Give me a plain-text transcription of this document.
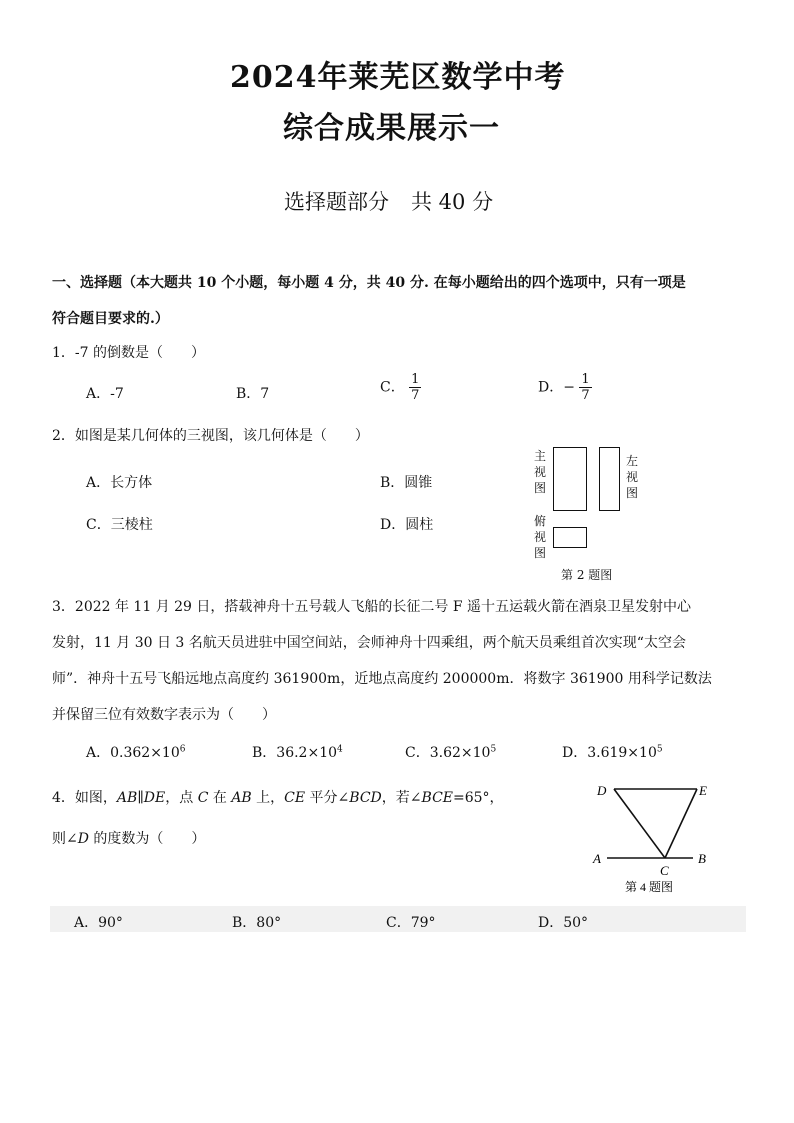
2024年莱芜区数学中考
综合成果展示一
选择题部分 共 40 分
一、选择题（本大题共 10 个小题，每小题 4 分，共 40 分. 在每小题给出的四个选项中，只有一项是
符合题目要求的.）
1．-7 的倒数是（　　）
A．-7	B．7	C． $\frac{1}{7}$	D．− $\frac{1}{7}$
2．如图是某几何体的三视图，该几何体是（　　）
A．长方体	B．圆锥
C．三棱柱	D．圆柱
主视图
左视图
俯视图
第 2 题图
3．2022 年 11 月 29 日，搭载神舟十五号载人飞船的长征二号 F 遥十五运载火箭在酒泉卫星发射中心
发射，11 月 30 日 3 名航天员进驻中国空间站，会师神舟十四乘组，两个航天员乘组首次实现“太空会
师”．神舟十五号飞船远地点高度约 361900m，近地点高度约 200000m．将数字 361900 用科学记数法
并保留三位有效数字表示为（　　）
A．$0.362\times 10^6$	B．$36.2\times 10^4$	C．$3.62\times 10^5$	D．$3.619\times 10^5$
4．如图，AB∥DE，点 C 在 AB 上，CE 平分∠BCD，若∠BCE=65°，
则∠D 的度数为（　　）
D	E
A	B
C
第 4 题图
A．90°	B．80°	C．79°	D．50°
